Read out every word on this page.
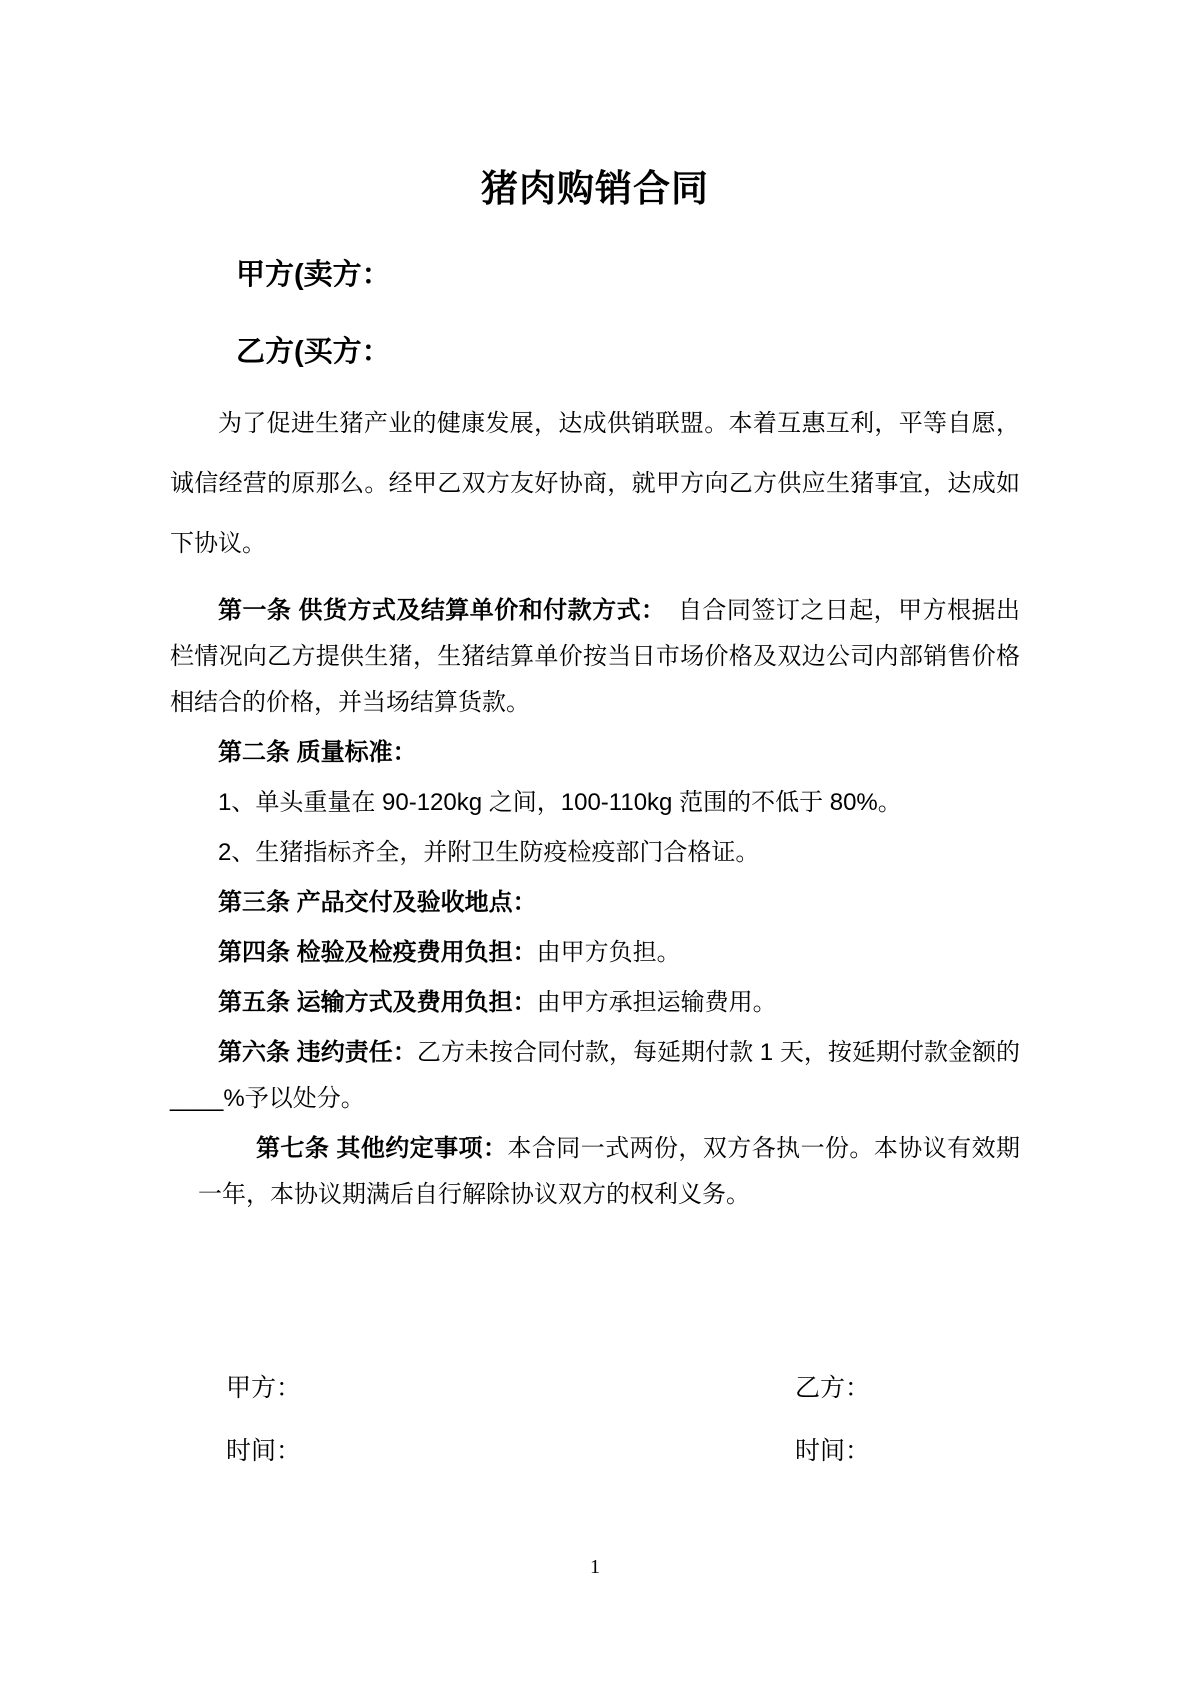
猪肉购销合同

甲方(卖方：

乙方(买方：

为了促进生猪产业的健康发展，达成供销联盟。本着互惠互利，平等自愿，诚信经营的原那么。经甲乙双方友好协商，就甲方向乙方供应生猪事宜，达成如下协议。

第一条 供货方式及结算单价和付款方式：　自合同签订之日起，甲方根据出栏情况向乙方提供生猪，生猪结算单价按当日市场价格及双边公司内部销售价格相结合的价格，并当场结算货款。

第二条 质量标准：

1、单头重量在 90-120kg 之间，100-110kg 范围的不低于 80%。

2、生猪指标齐全，并附卫生防疫检疫部门合格证。

第三条 产品交付及验收地点：

第四条 检验及检疫费用负担：由甲方负担。

第五条 运输方式及费用负担：由甲方承担运输费用。

第六条 违约责任：乙方未按合同付款，每延期付款 1 天，按延期付款金额的____%予以处分。

第七条 其他约定事项：本合同一式两份，双方各执一份。本协议有效期一年，本协议期满后自行解除协议双方的权利义务。

甲方：	乙方：
时间：	时间：
1
